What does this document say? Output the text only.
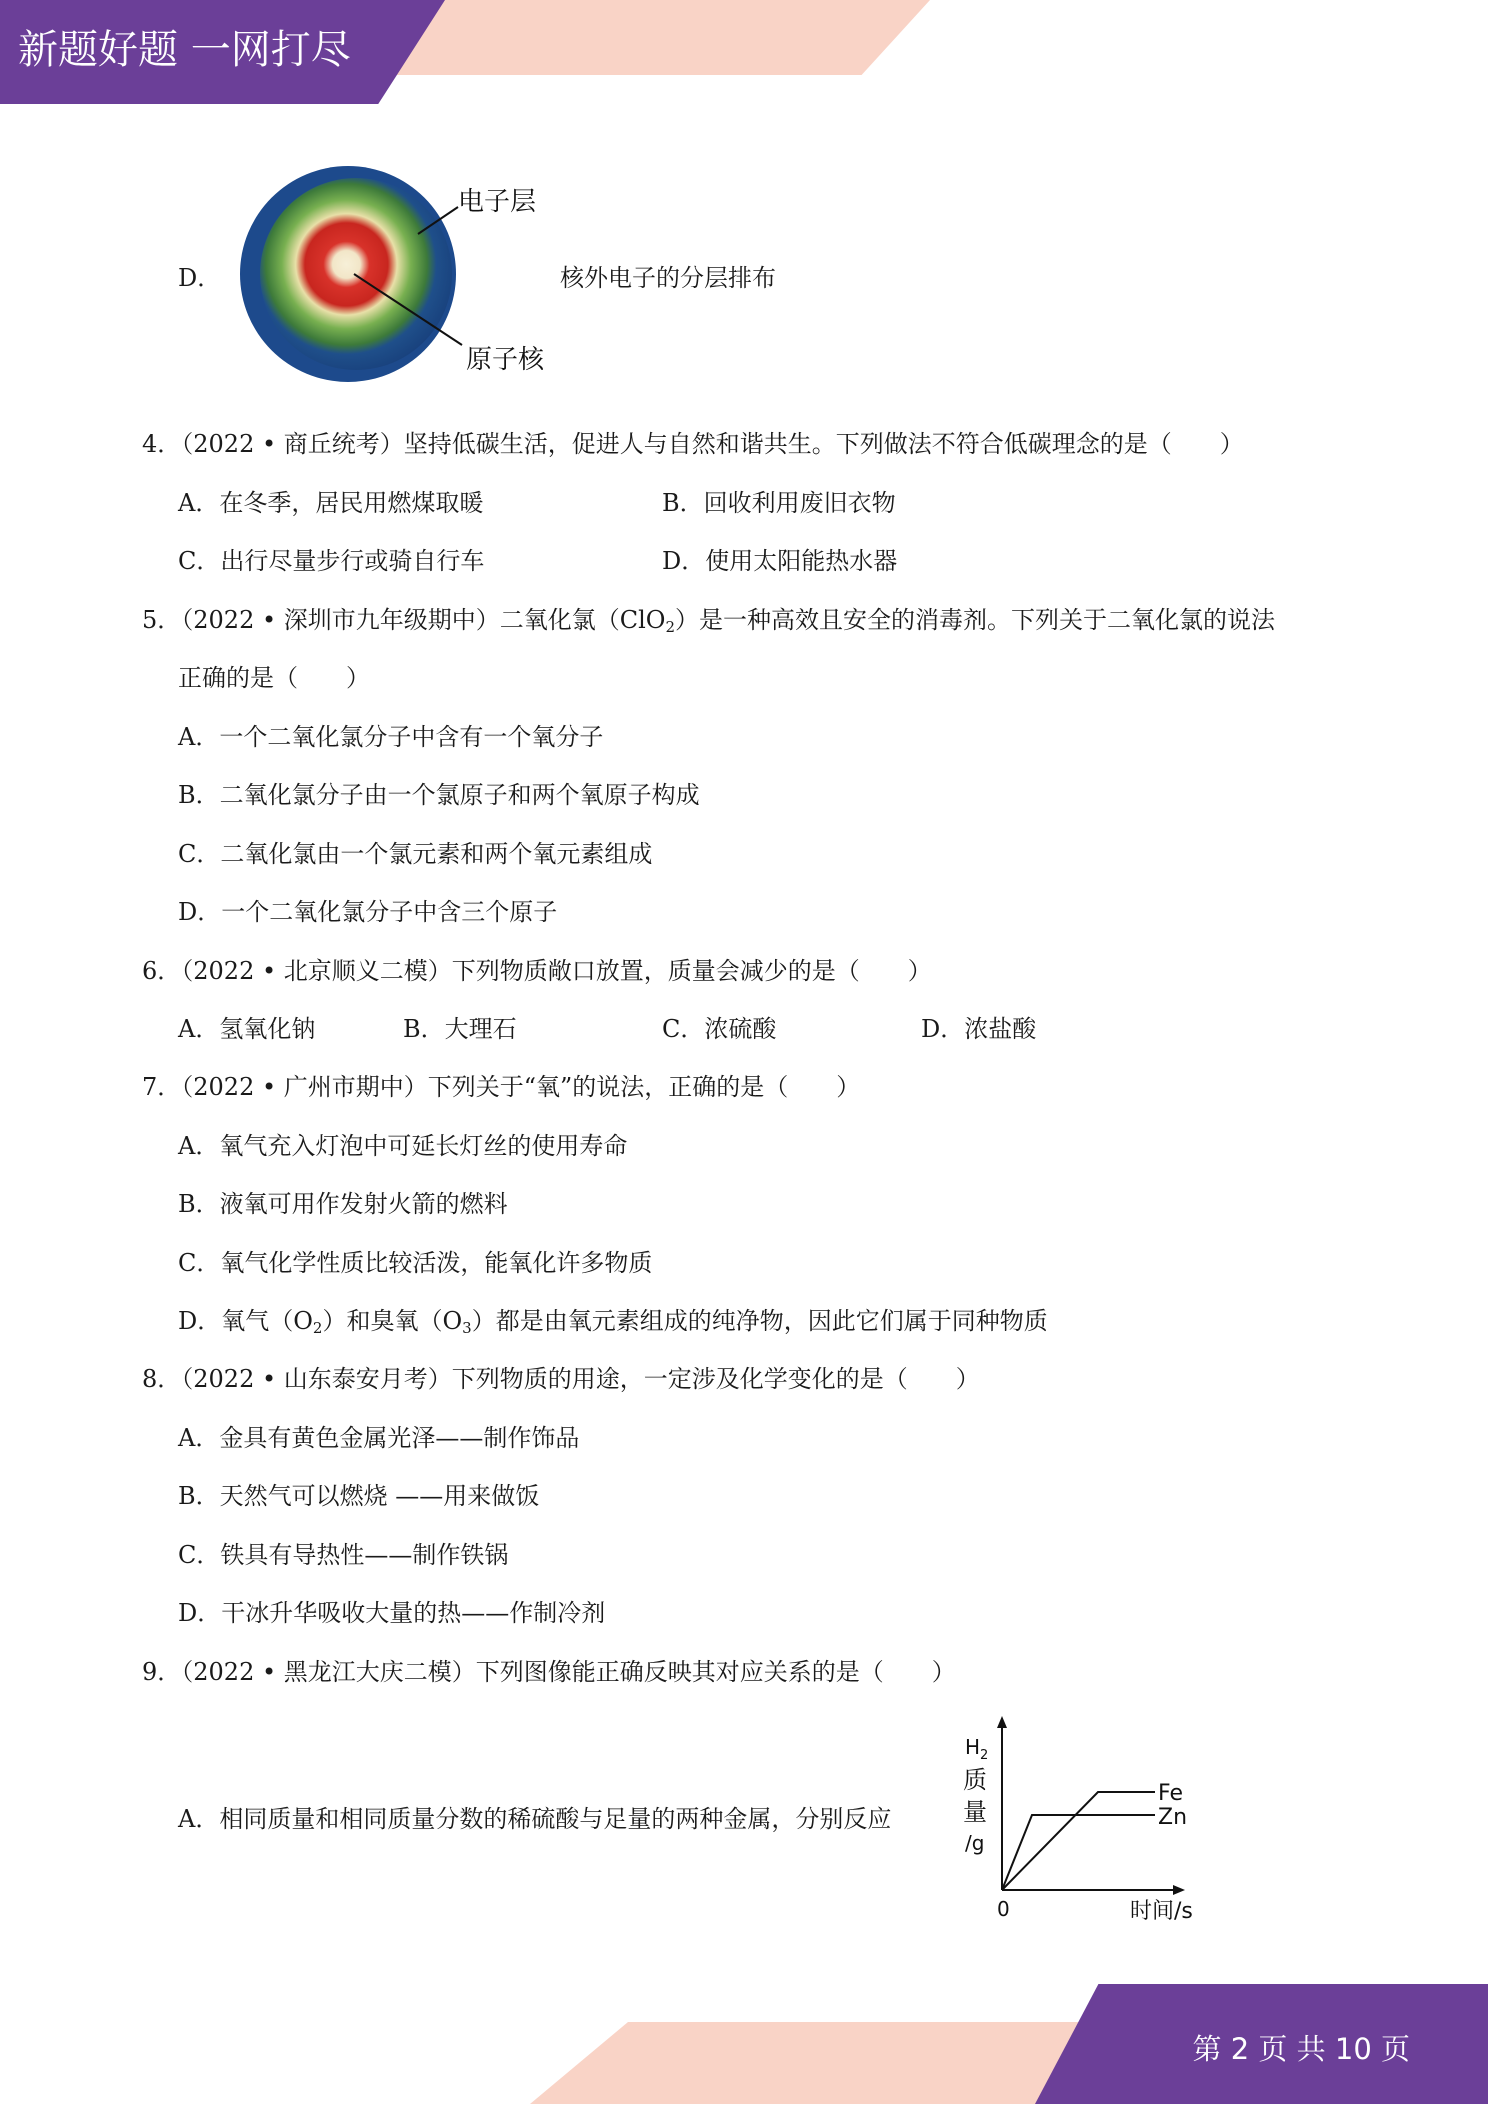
新题好题 一网打尽
D．
电子层
原子核
核外电子的分层排布
4．（2022 • 商丘统考）坚持低碳生活，促进人与自然和谐共生。下列做法不符合低碳理念的是（　　）
A．在冬季，居民用燃煤取暖	B．回收利用废旧衣物
C．出行尽量步行或骑自行车	D．使用太阳能热水器
5．（2022 • 深圳市九年级期中）二氧化氯（ClO$_2$）是一种高效且安全的消毒剂。下列关于二氧化氯的说法
正确的是（　　）
A．一个二氧化氯分子中含有一个氧分子
B．二氧化氯分子由一个氯原子和两个氧原子构成
C．二氧化氯由一个氯元素和两个氧元素组成
D．一个二氧化氯分子中含三个原子
6．（2022 • 北京顺义二模）下列物质敞口放置，质量会减少的是（　　）
A．氢氧化钠	B．大理石	C．浓硫酸	D．浓盐酸
7．（2022 • 广州市期中）下列关于“氧”的说法，正确的是（　　）
A．氧气充入灯泡中可延长灯丝的使用寿命
B．液氧可用作发射火箭的燃料
C．氧气化学性质比较活泼，能氧化许多物质
D．氧气$(O_2)$和臭氧$(O_3)$都是由氧元素组成的纯净物，因此它们属于同种物质
8．（2022 • 山东泰安月考）下列物质的用途，一定涉及化学变化的是（　　）
A．金具有黄色金属光泽——制作饰品
B．天然气可以燃烧 ——用来做饭
C．铁具有导热性——制作铁锅
D．干冰升华吸收大量的热——作制冷剂
9．（2022 • 黑龙江大庆二模）下列图像能正确反映其对应关系的是（　　）
A．相同质量和相同质量分数的稀硫酸与足量的两种金属，分别反应
$H_2$
质
量
/g
0	时间/s
Fe
Zn
第 2 页 共 10 页
